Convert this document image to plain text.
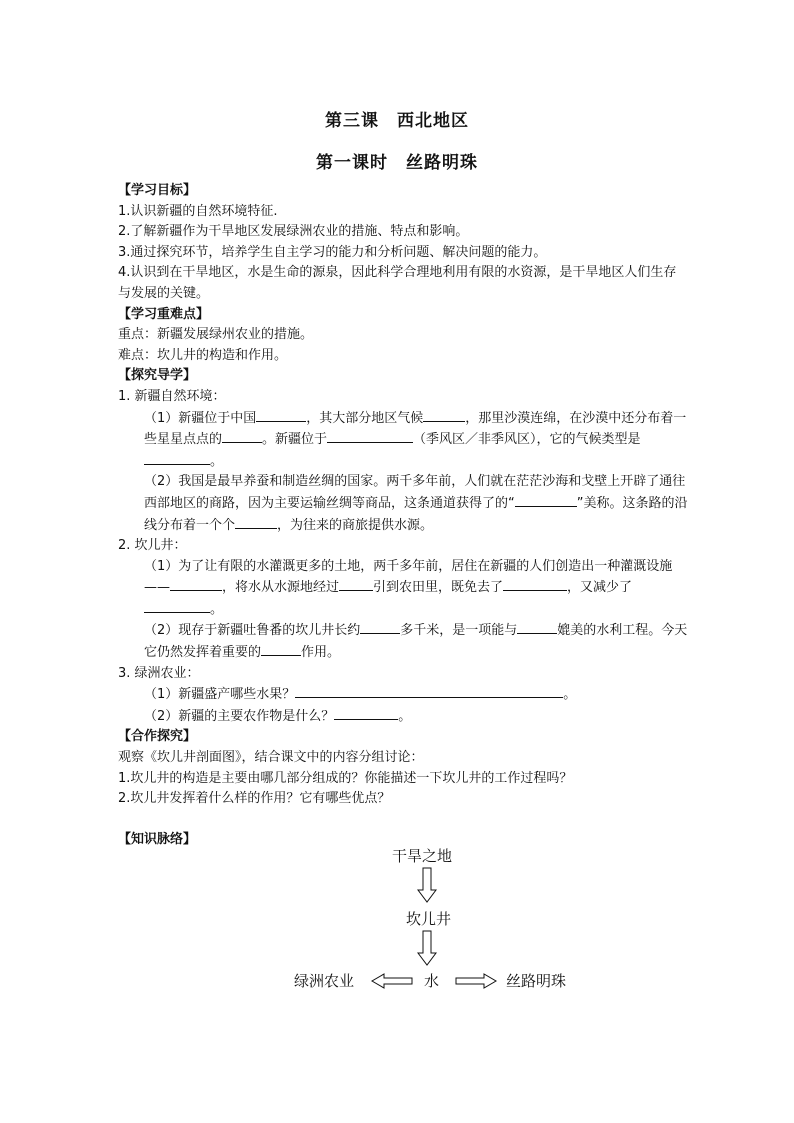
第三课　西北地区
第一课时　丝路明珠

【学习目标】

1.认识新疆的自然环境特征.

2.了解新疆作为干旱地区发展绿洲农业的措施、特点和影响。

3.通过探究环节，培养学生自主学习的能力和分析问题、解决问题的能力。

4.认识到在干旱地区，水是生命的源泉，因此科学合理地利用有限的水资源，是干旱地区人们生存与发展的关键。

【学习重难点】

重点：新疆发展绿州农业的措施。

难点：坎儿井的构造和作用。

【探究导学】

1. 新疆自然环境：

（1）新疆位于中国	，其大部分地区气候	，那里沙漠连绵，在沙漠中还分布着一些星星点点的	。新疆位于	（季风区／非季风区），它的气候类型是。

（2）我国是最早养蚕和制造丝绸的国家。两千多年前，人们就在茫茫沙海和戈壁上开辟了通往西部地区的商路，因为主要运输丝绸等商品，这条通道获得了的“	”美称。这条路的沿线分布着一个个	，为往来的商旅提供水源。

2. 坎儿井：

（1）为了让有限的水灌溉更多的土地，两千多年前，居住在新疆的人们创造出一种灌溉设施——	，将水从水源地经过	引到农田里，既免去了	，又减少了。

（2）现存于新疆吐鲁番的坎儿井长约	多千米，是一项能与	媲美的水利工程。今天它仍然发挥着重要的	作用。

3. 绿洲农业：

（1）新疆盛产哪些水果？	。

（2）新疆的主要农作物是什么？	。

【合作探究】

观察《坎儿井剖面图》，结合课文中的内容分组讨论：

1.坎儿井的构造是主要由哪几部分组成的？你能描述一下坎儿井的工作过程吗？

2.坎儿井发挥着什么样的作用？它有哪些优点？

【知识脉络】

干旱之地
坎儿井
绿洲农业	水	丝路明珠
